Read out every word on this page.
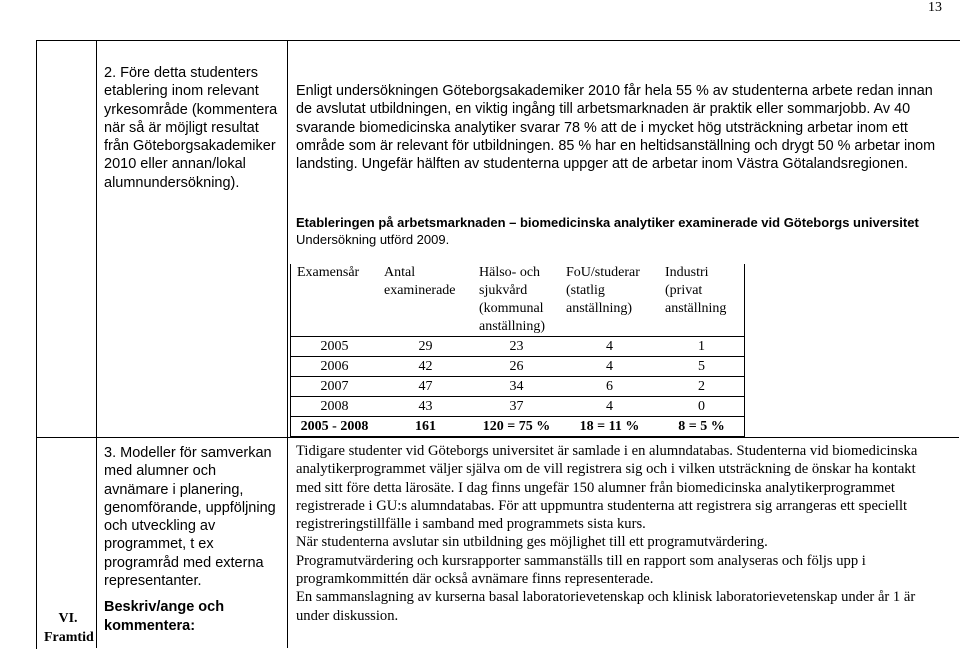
13
2. Före detta studenters etablering inom relevant yrkesområde (kommentera när så är möjligt resultat från Göteborgsakademiker 2010 eller annan/lokal alumnundersökning).
Enligt undersökningen Göteborgsakademiker 2010 får hela 55 % av studenterna arbete redan innan de avslutat utbildningen, en viktig ingång till arbetsmarknaden är praktik eller sommarjobb. Av 40 svarande biomedicinska analytiker svarar 78 % att de i mycket hög utsträckning arbetar inom ett område som är relevant för utbildningen. 85 % har en heltidsanställning och drygt 50 % arbetar inom landsting. Ungefär hälften av studenterna uppger att de arbetar inom Västra Götalandsregionen.
Etableringen på arbetsmarknaden – biomedicinska analytiker examinerade vid Göteborgs universitet
Undersökning utförd 2009.
Examensår	Antal examinerade	Hälso- och sjukvård (kommunal anställning)	FoU/studerar (statlig anställning)	Industri (privat anställning
2005	29	23	4	1
2006	42	26	4	5
2007	47	34	6	2
2008	43	37	4	0
2005 - 2008	161	120 = 75 %	18 = 11 %	8 = 5 %
3. Modeller för samverkan med alumner och avnämare i planering, genomförande, uppföljning och utveckling av programmet, t ex programråd med externa representanter.
Beskriv/ange och kommentera:
Tidigare studenter vid Göteborgs universitet är samlade i en alumndatabas. Studenterna vid biomedicinska analytikerprogrammet väljer själva om de vill registrera sig och i vilken utsträckning de önskar ha kontakt med sitt före detta lärosäte. I dag finns ungefär 150 alumner från biomedicinska analytikerprogrammet registrerade i GU:s alumndatabas. För att uppmuntra studenterna att registrera sig arrangeras ett speciellt registreringstillfälle i samband med programmets sista kurs.
När studenterna avslutar sin utbildning ges möjlighet till ett programutvärdering.
Programutvärdering och kursrapporter sammanställs till en rapport som analyseras och följs upp i programkommittén där också avnämare finns representerade.
En sammanslagning av kurserna basal laboratorievetenskap och klinisk laboratorievetenskap under år 1 är under diskussion.
VI.
Framtid
